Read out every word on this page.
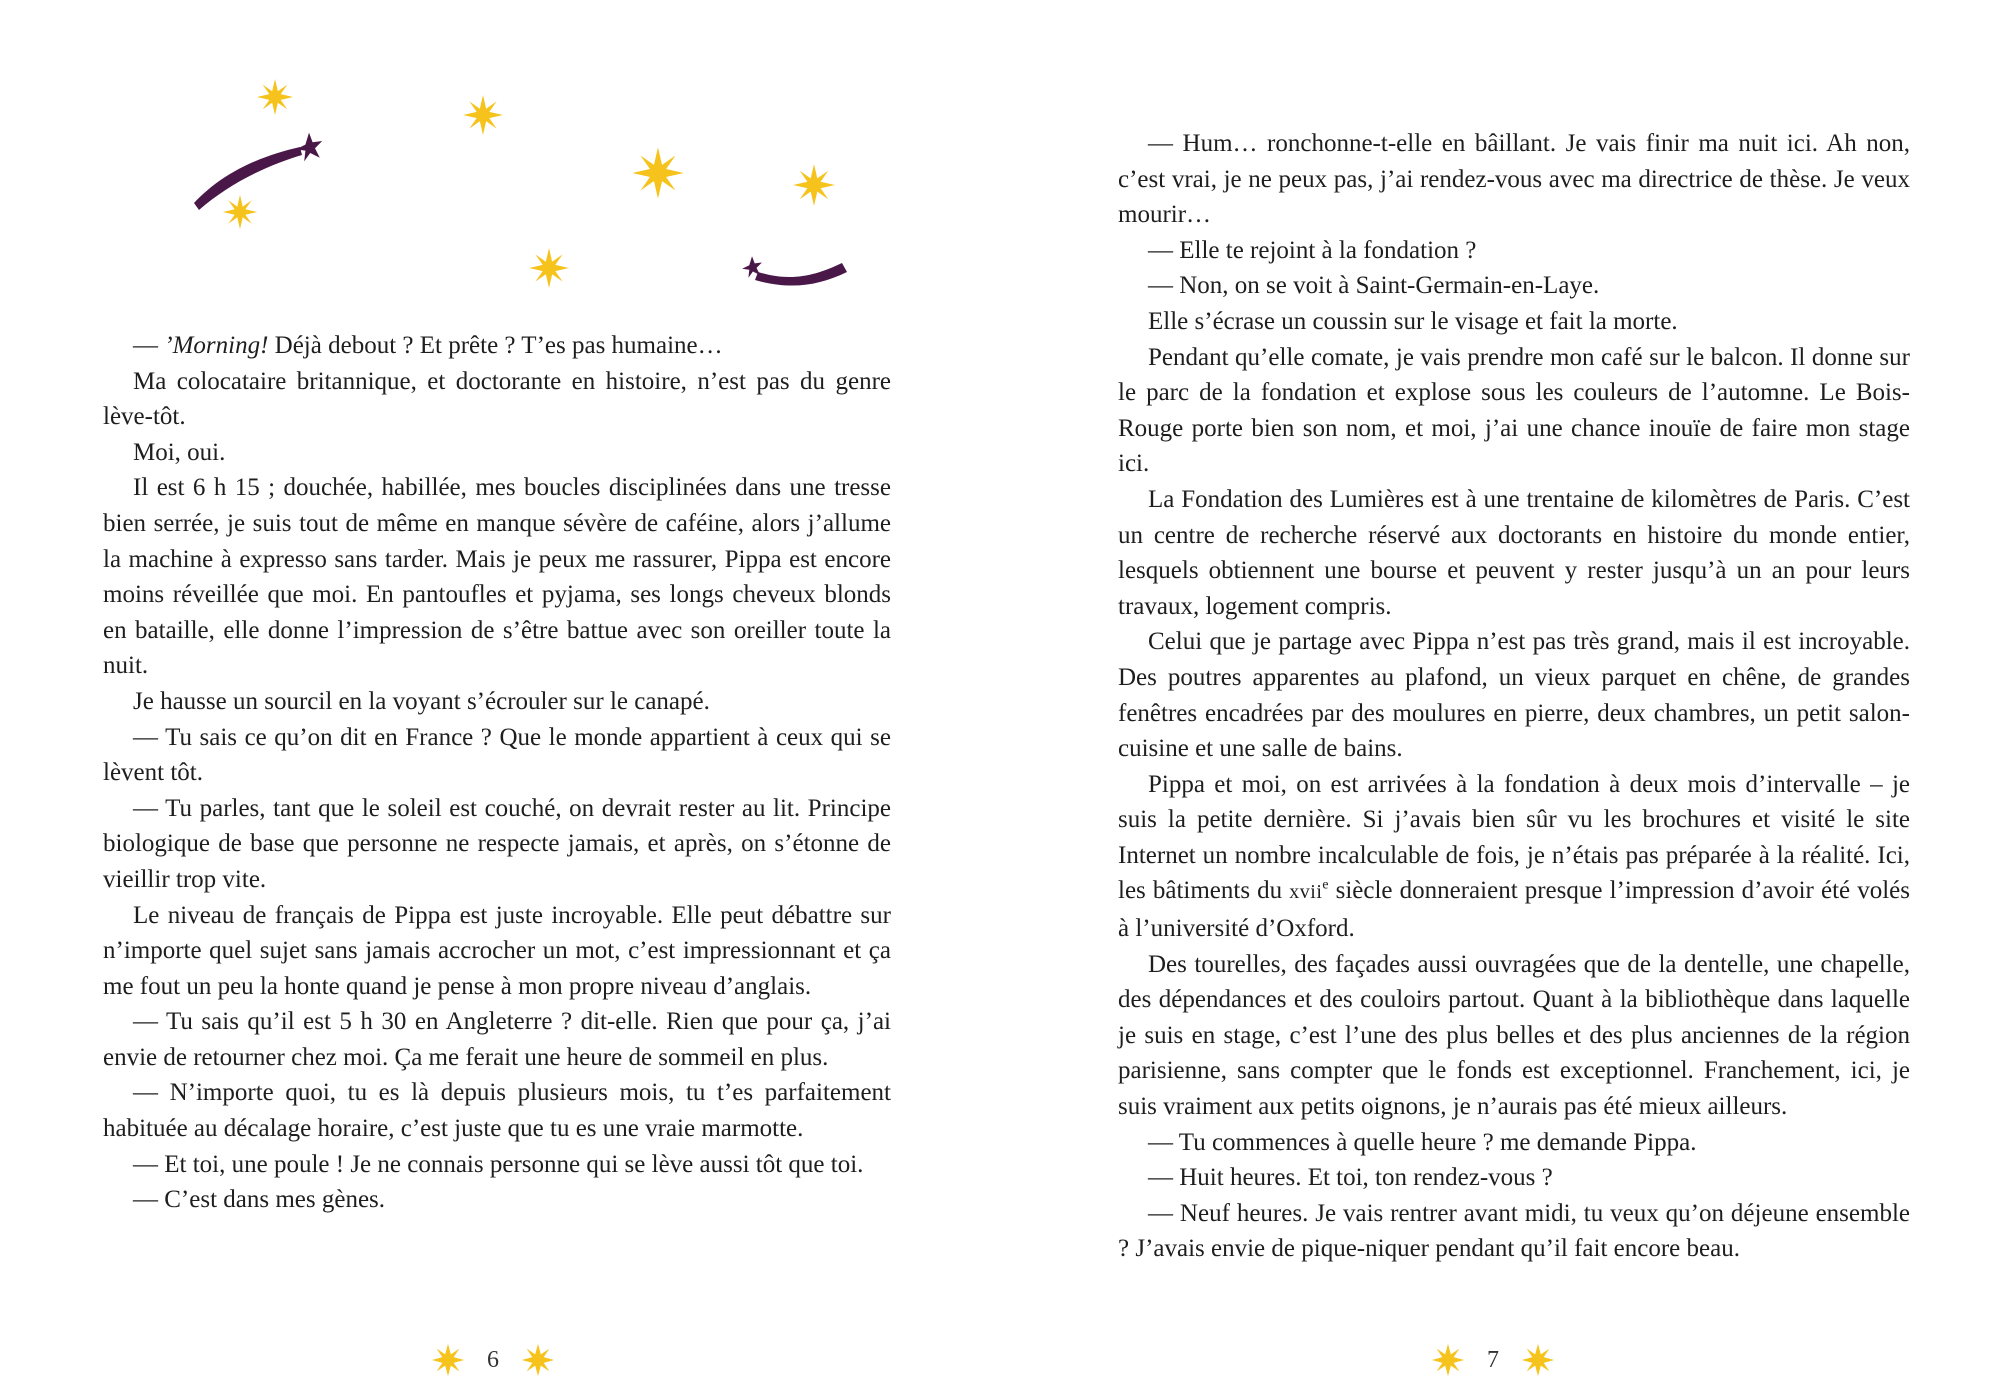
— ’Morning! Déjà debout ? Et prête ? T’es pas humaine…

Ma colocataire britannique, et doctorante en histoire, n’est pas du genre lève-tôt.

Moi, oui.

Il est 6 h 15 ; douchée, habillée, mes boucles disciplinées dans une tresse bien serrée, je suis tout de même en manque sévère de caféine, alors j’allume la machine à expresso sans tarder. Mais je peux me rassurer, Pippa est encore moins réveillée que moi. En pantoufles et pyjama, ses longs cheveux blonds en bataille, elle donne l’impression de s’être battue avec son oreiller toute la nuit.

Je hausse un sourcil en la voyant s’écrouler sur le canapé.

— Tu sais ce qu’on dit en France ? Que le monde appartient à ceux qui se lèvent tôt.

— Tu parles, tant que le soleil est couché, on devrait rester au lit. Principe biologique de base que personne ne respecte jamais, et après, on s’étonne de vieillir trop vite.

Le niveau de français de Pippa est juste incroyable. Elle peut débattre sur n’importe quel sujet sans jamais accrocher un mot, c’est impressionnant et ça me fout un peu la honte quand je pense à mon propre niveau d’anglais.

— Tu sais qu’il est 5 h 30 en Angleterre ? dit-elle. Rien que pour ça, j’ai envie de retourner chez moi. Ça me ferait une heure de sommeil en plus.

— N’importe quoi, tu es là depuis plusieurs mois, tu t’es parfaitement habituée au décalage horaire, c’est juste que tu es une vraie marmotte.

— Et toi, une poule ! Je ne connais personne qui se lève aussi tôt que toi.

— C’est dans mes gènes.

6

— Hum… ronchonne-t-elle en bâillant. Je vais finir ma nuit ici. Ah non, c’est vrai, je ne peux pas, j’ai rendez-vous avec ma directrice de thèse. Je veux mourir…

— Elle te rejoint à la fondation ?

— Non, on se voit à Saint-Germain-en-Laye.

Elle s’écrase un coussin sur le visage et fait la morte.

Pendant qu’elle comate, je vais prendre mon café sur le balcon. Il donne sur le parc de la fondation et explose sous les couleurs de l’automne. Le Bois-Rouge porte bien son nom, et moi, j’ai une chance inouïe de faire mon stage ici.

La Fondation des Lumières est à une trentaine de kilomètres de Paris. C’est un centre de recherche réservé aux doctorants en histoire du monde entier, lesquels obtiennent une bourse et peuvent y rester jusqu’à un an pour leurs travaux, logement compris.

Celui que je partage avec Pippa n’est pas très grand, mais il est incroyable. Des poutres apparentes au plafond, un vieux parquet en chêne, de grandes fenêtres encadrées par des moulures en pierre, deux chambres, un petit salon-cuisine et une salle de bains.

Pippa et moi, on est arrivées à la fondation à deux mois d’intervalle – je suis la petite dernière. Si j’avais bien sûr vu les brochures et visité le site Internet un nombre incalculable de fois, je n’étais pas préparée à la réalité. Ici, les bâtiments du xvii$^e$ siècle donneraient presque l’impression d’avoir été volés à l’université d’Oxford.

Des tourelles, des façades aussi ouvragées que de la dentelle, une chapelle, des dépendances et des couloirs partout. Quant à la bibliothèque dans laquelle je suis en stage, c’est l’une des plus belles et des plus anciennes de la région parisienne, sans compter que le fonds est exceptionnel. Franchement, ici, je suis vraiment aux petits oignons, je n’aurais pas été mieux ailleurs.

— Tu commences à quelle heure ? me demande Pippa.

— Huit heures. Et toi, ton rendez-vous ?

— Neuf heures. Je vais rentrer avant midi, tu veux qu’on déjeune ensemble ? J’avais envie de pique-niquer pendant qu’il fait encore beau.

7
